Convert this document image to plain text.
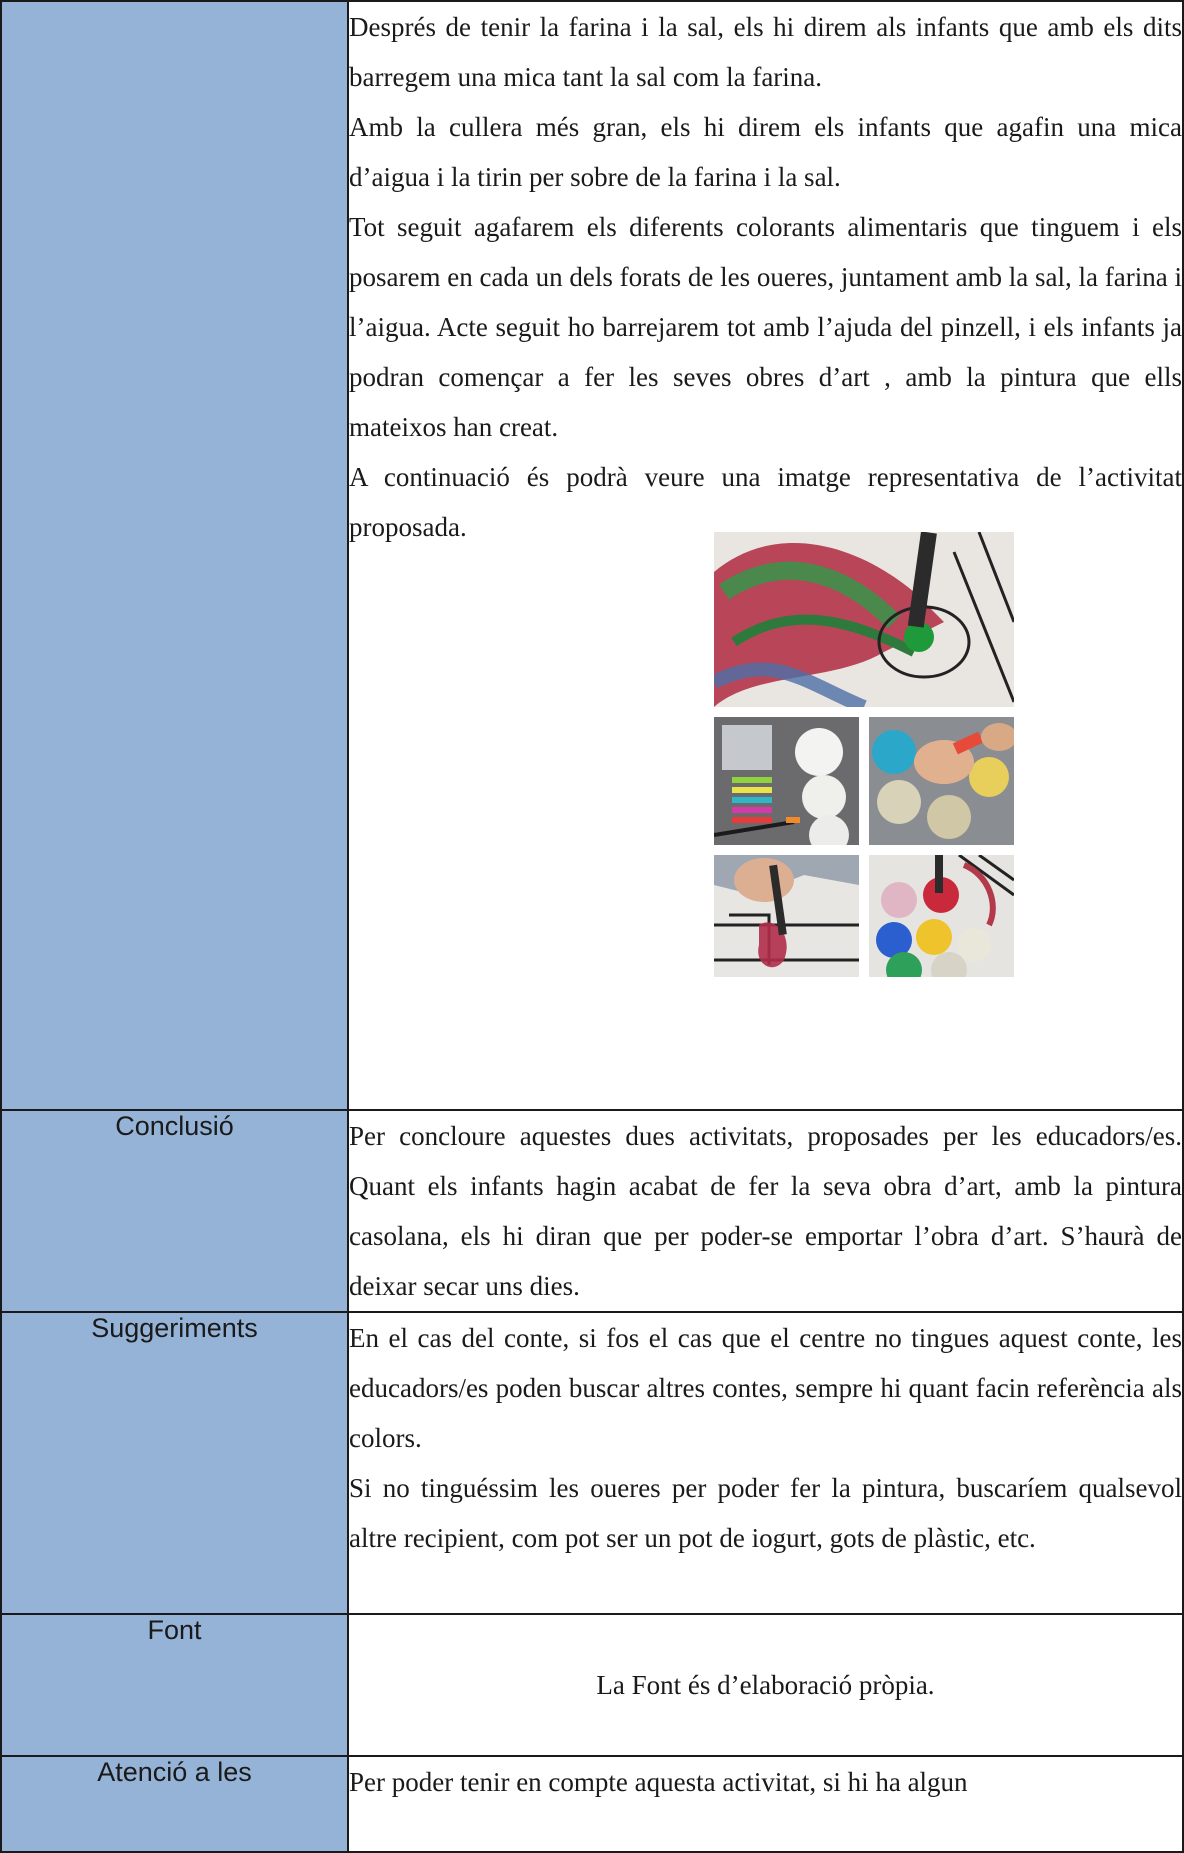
	Després de tenir la farina i la sal, els hi direm als infants que amb els dits barregem una mica tant la sal com la farina.

Amb la cullera més gran, els hi direm els infants que agafin una mica d’aigua i la tirin per sobre de la farina i la sal.

Tot seguit agafarem els diferents colorants alimentaris que tinguem i els posarem en cada un dels forats de les oueres, juntament amb la sal, la farina i l’aigua. Acte seguit ho barrejarem tot amb l’ajuda del pinzell, i els infants ja podran començar a fer les seves obres d’art , amb la pintura que ells mateixos han creat.

A continuació és podrà veure una imatge representativa de l’activitat proposada.

Conclusió	Per concloure aquestes dues activitats, proposades per les educadors/es. Quant els infants hagin acabat de fer la seva obra d’art, amb la pintura casolana, els hi diran que per poder-se emportar l’obra d’art. S’haurà de deixar secar uns dies.

Suggeriments	En el cas del conte, si fos el cas que el centre no tingues aquest conte, les educadors/es poden buscar altres contes, sempre hi quant facin referència als colors.

Si no tinguéssim les oueres per poder fer la pintura, buscaríem qualsevol altre recipient, com pot ser un pot de iogurt, gots de plàstic, etc.

Font	La Font és d’elaboració pròpia.

Atenció a les	Per poder tenir en compte aquesta activitat, si hi ha algun
